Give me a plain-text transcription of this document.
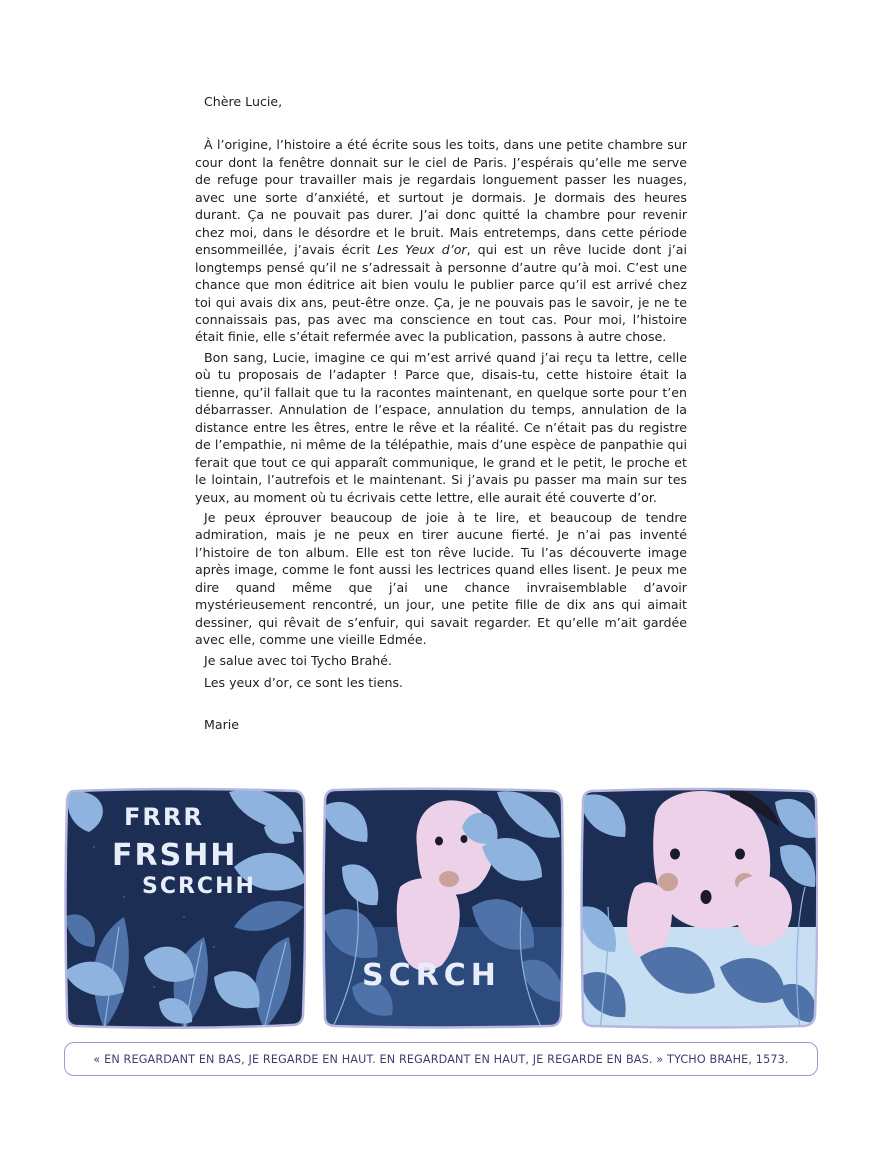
Chère Lucie,

À l’origine, l’histoire a été écrite sous les toits, dans une petite chambre sur cour dont la fenêtre donnait sur le ciel de Paris. J’espérais qu’elle me serve de refuge pour travailler mais je regardais longuement passer les nuages, avec une sorte d’anxiété, et surtout je dormais. Je dormais des heures durant. Ça ne pouvait pas durer. J’ai donc quitté la chambre pour revenir chez moi, dans le désordre et le bruit. Mais entretemps, dans cette période ensommeillée, j’avais écrit Les Yeux d’or, qui est un rêve lucide dont j’ai longtemps pensé qu’il ne s’adressait à personne d’autre qu’à moi. C’est une chance que mon éditrice ait bien voulu le publier parce qu’il est arrivé chez toi qui avais dix ans, peut-être onze. Ça, je ne pouvais pas le savoir, je ne te connaissais pas, pas avec ma conscience en tout cas. Pour moi, l’histoire était finie, elle s’était refermée avec la publication, passons à autre chose.

Bon sang, Lucie, imagine ce qui m’est arrivé quand j’ai reçu ta lettre, celle où tu proposais de l’adapter ! Parce que, disais-tu, cette histoire était la tienne, qu’il fallait que tu la racontes maintenant, en quelque sorte pour t’en débarrasser. Annulation de l’espace, annulation du temps, annulation de la distance entre les êtres, entre le rêve et la réalité. Ce n’était pas du registre de l’empathie, ni même de la télépathie, mais d’une espèce de panpathie qui ferait que tout ce qui apparaît communique, le grand et le petit, le proche et le lointain, l’autrefois et le maintenant. Si j’avais pu passer ma main sur tes yeux, au moment où tu écrivais cette lettre, elle aurait été couverte d’or.

Je peux éprouver beaucoup de joie à te lire, et beaucoup de tendre admiration, mais je ne peux en tirer aucune fierté. Je n’ai pas inventé l’histoire de ton album. Elle est ton rêve lucide. Tu l’as découverte image après image, comme le font aussi les lectrices quand elles lisent. Je peux me dire quand même que j’ai une chance invraisemblable d’avoir mystérieusement rencontré, un jour, une petite fille de dix ans qui aimait dessiner, qui rêvait de s’enfuir, qui savait regarder. Et qu’elle m’ait gardée avec elle, comme une vieille Edmée.

Je salue avec toi Tycho Brahé.

Les yeux d’or, ce sont les tiens.

Marie

FRRR
FRSHH
SCRCHH
SCRCH
« EN REGARDANT EN BAS, JE REGARDE EN HAUT. EN REGARDANT EN HAUT, JE REGARDE EN BAS. » TYCHO BRAHE, 1573.
